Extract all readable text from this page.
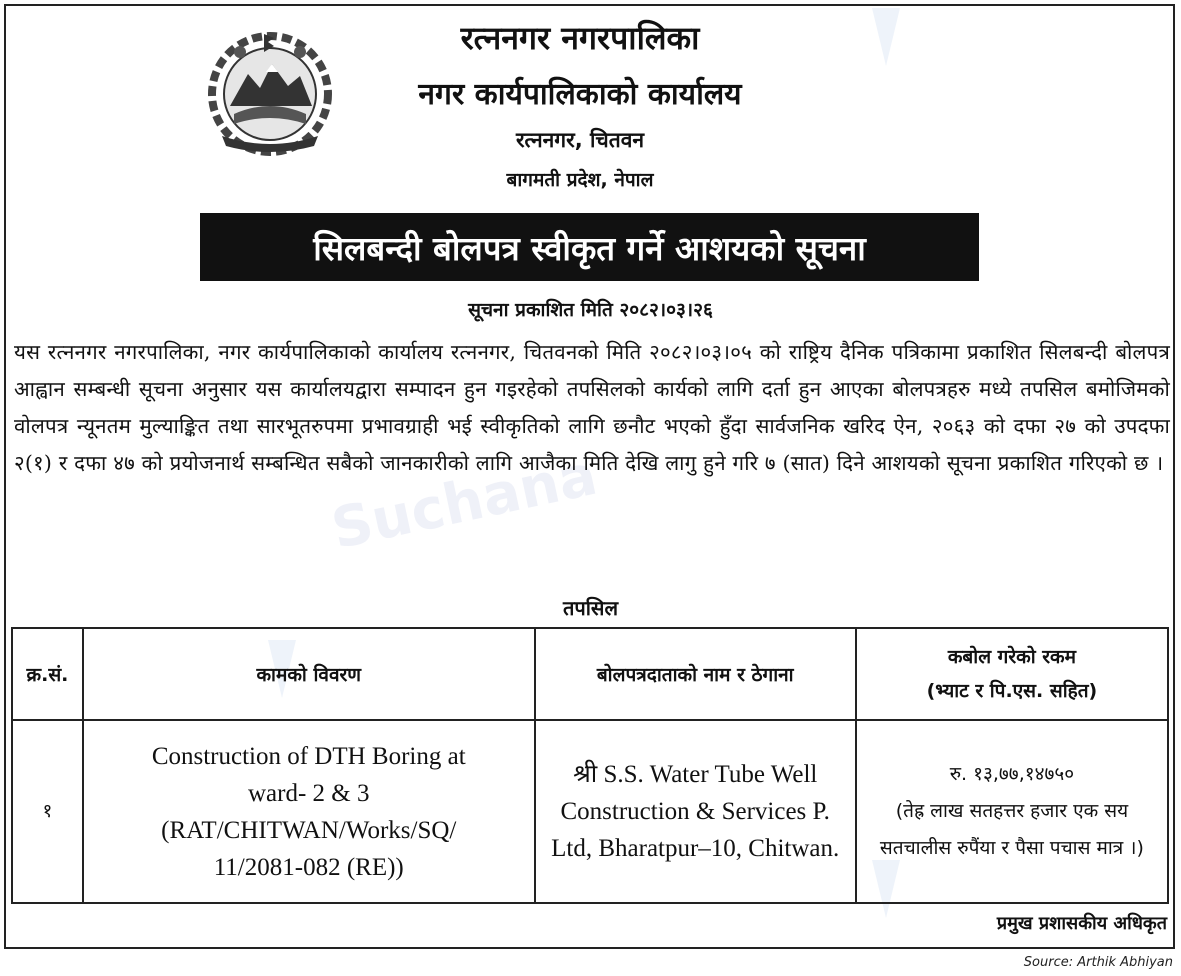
Suchana
रत्ननगर नगरपालिका
नगर कार्यपालिकाको कार्यालय
रत्ननगर, चितवन
बागमती प्रदेश, नेपाल
सिलबन्दी बोलपत्र स्वीकृत गर्ने आशयको सूचना
सूचना प्रकाशित मिति २०८२।०३।२६
यस रत्ननगर नगरपालिका, नगर कार्यपालिकाको कार्यालय रत्ननगर, चितवनको मिति २०८२।०३।०५ को राष्ट्रिय दैनिक पत्रिकामा प्रकाशित सिलबन्दी बोलपत्र आह्वान सम्बन्धी सूचना अनुसार यस कार्यालयद्वारा सम्पादन हुन गइरहेको तपसिलको कार्यको लागि दर्ता हुन आएका बोलपत्रहरु मध्ये तपसिल बमोजिमको वोलपत्र न्यूनतम मुल्याङ्कित तथा सारभूतरुपमा प्रभावग्राही भई स्वीकृतिको लागि छनौट भएको हुँदा सार्वजनिक खरिद ऐन, २०६३ को दफा २७ को उपदफा २(१) र दफा ४७ को प्रयोजनार्थ सम्बन्धित सबैको जानकारीको लागि आजैका मिति देखि लागु हुने गरि ७ (सात) दिने आशयको सूचना प्रकाशित गरिएको छ ।
तपसिल
क्र.सं.	कामको विवरण	बोलपत्रदाताको नाम र ठेगाना	कबोल गरेको रकम
(भ्याट र पि.एस. सहित)

१	Construction of DTH Boring at ward- 2 & 3 (RAT/CHITWAN/Works/SQ/ 11/2081-082 (RE))	श्री S.S. Water Tube Well Construction & Services P. Ltd, Bharatpur–10, Chitwan.	रु. १३,७७,१४७५०
(तेह्र लाख सतहत्तर हजार एक सय सतचालीस रुपैंया र पैसा पचास मात्र ।)
प्रमुख प्रशासकीय अधिकृत
Source: Arthik Abhiyan
